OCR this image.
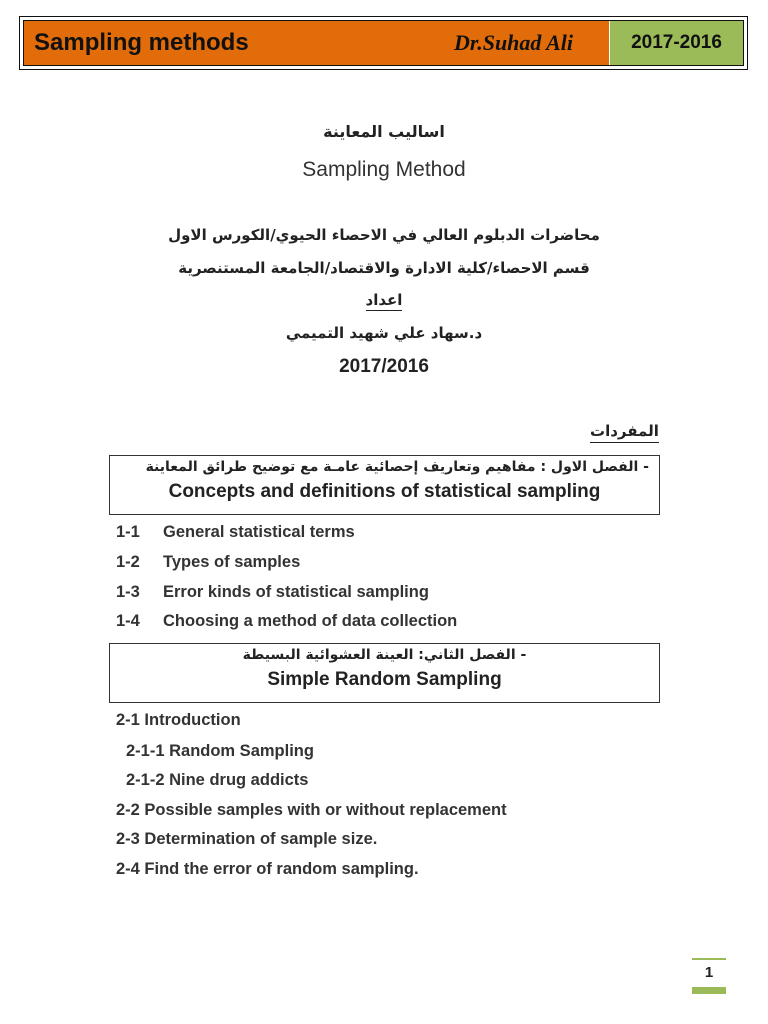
Sampling methods	Dr.Suhad Ali	2017-2016
اساليب المعاينة
Sampling Method
محاضرات الدبلوم العالي في الاحصاء الحيوي/الكورس الاول
قسم الاحصاء/كلية الادارة والاقتصاد/الجامعة المستنصرية
اعداد
د.سهاد علي شهيد التميمي
2017/2016
المفردات
- الفصل الاول : مفاهيم وتعاريف إحصائية عامـة مع توضيح طرائق المعاينة
Concepts and definitions of statistical sampling
1-1 General statistical terms
1-2 Types of samples
1-3 Error kinds of statistical sampling
1-4 Choosing a method of data collection
- الفصل الثاني: العينة العشوائية البسيطة
Simple Random Sampling
2-1 Introduction
2-1-1 Random Sampling
2-1-2 Nine drug addicts
2-2 Possible samples with or without replacement
2-3 Determination of sample size.
2-4 Find the error of random sampling.
1
